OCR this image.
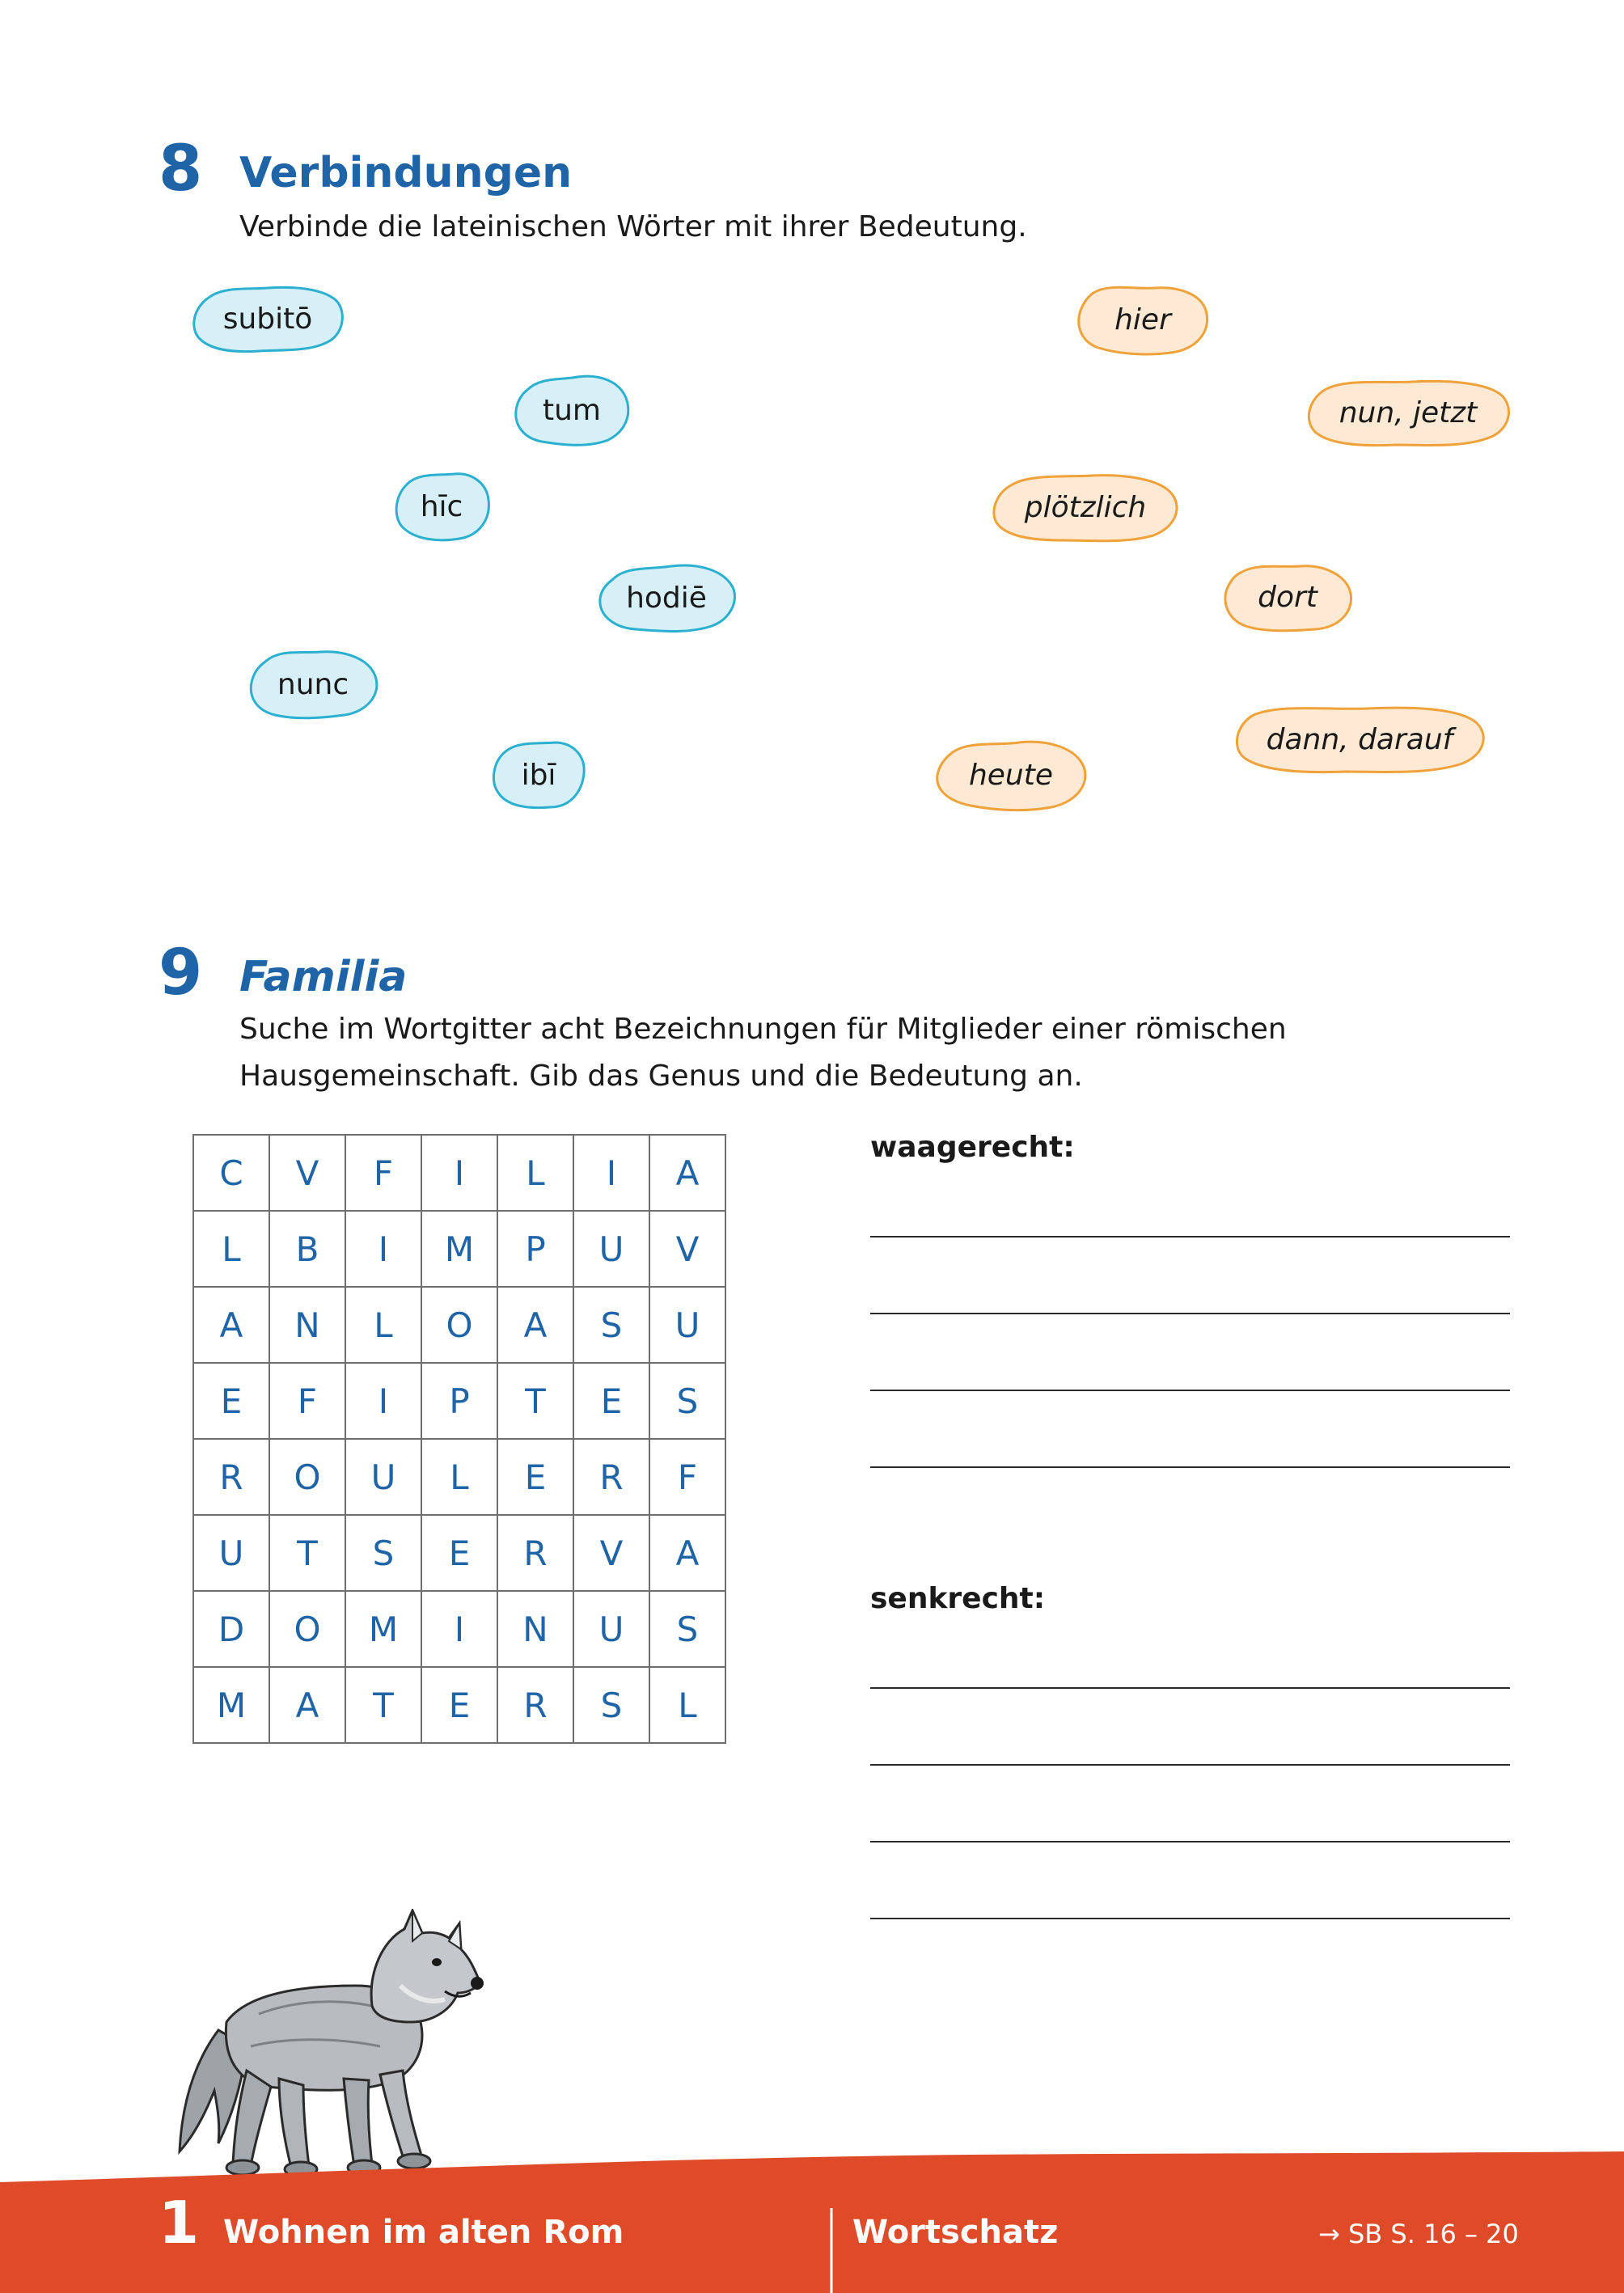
8 Verbindungen
Verbinde die lateinischen Wörter mit ihrer Bedeutung.
subitō
tum
hīc
hodiē
nunc
ibī
hier
nun, jetzt
plötzlich
dort
dann, darauf
heute
9 Familia
Suche im Wortgitter acht Bezeichnungen für Mitglieder einer römischen
Hausgemeinschaft. Gib das Genus und die Bedeutung an.
C	V	F	I	L	I	A
L	B	I	M	P	U	V
A	N	L	O	A	S	U
E	F	I	P	T	E	S
R	O	U	L	E	R	F
U	T	S	E	R	V	A
D	O	M	I	N	U	S
M	A	T	E	R	S	L
waagerecht:
senkrecht:
1 Wohnen im alten Rom	Wortschatz	→ SB S. 16 – 20
